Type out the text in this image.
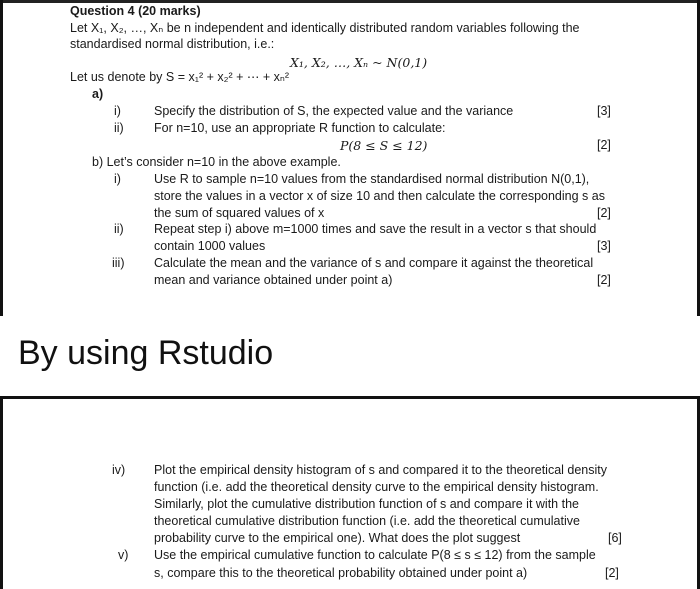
Question 4 (20 marks)
Let X₁, X₂, …, Xₙ be n independent and identically distributed random variables following the
standardised normal distribution, i.e.:
X₁, X₂, …, Xₙ ~ N(0,1)
Let us denote by S = x₁² + x₂² + ⋯ + xₙ²
a)
i)	Specify the distribution of S, the expected value and the variance	[3]
ii) For n=10, use an appropriate R function to calculate:
P(8 ≤ S ≤ 12)	[2]
b) Let’s consider n=10 in the above example.
i)	Use R to sample n=10 values from the standardised normal distribution N(0,1),
store the values in a vector x of size 10 and then calculate the corresponding s as
the sum of squared values of x	[2]
ii) Repeat step i) above m=1000 times and save the result in a vector s that should
contain 1000 values	[3]
iii) Calculate the mean and the variance of s and compare it against the theoretical
mean and variance obtained under point a)	[2]
By using Rstudio
iv) Plot the empirical density histogram of s and compared it to the theoretical density
function (i.e. add the theoretical density curve to the empirical density histogram.
Similarly, plot the cumulative distribution function of s and compare it with the
theoretical cumulative distribution function (i.e. add the theoretical cumulative
probability curve to the empirical one). What does the plot suggest	[6]
v) Use the empirical cumulative function to calculate P(8 ≤ s ≤ 12) from the sample
s, compare this to the theoretical probability obtained under point a)	[2]
